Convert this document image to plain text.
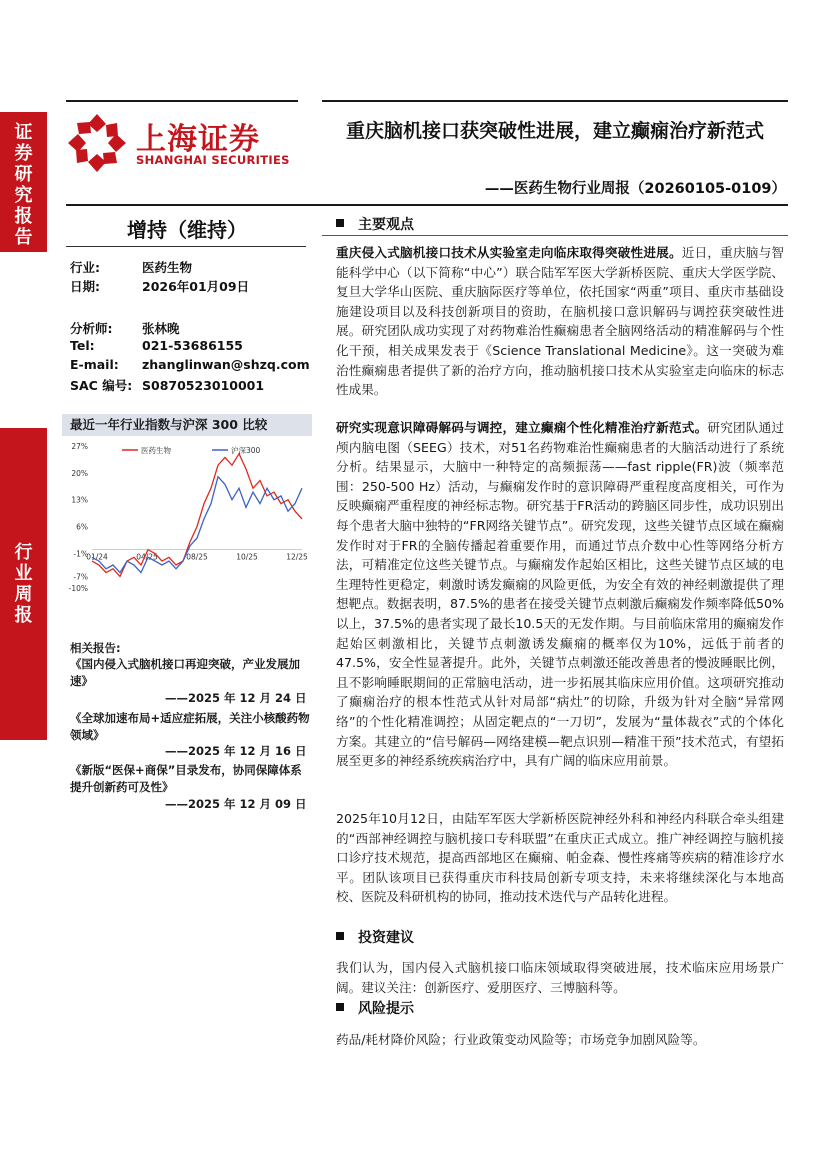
证券研究报告
行业周报
上海证券
SHANGHAI SECURITIES
重庆脑机接口获突破性进展，建立癫痫治疗新范式
——医药生物行业周报（20260105-0109）
增持（维持）
行业:	医药生物
日期:	2026年01月09日
分析师: 张林晚
Tel:	021-53686155
E-mail: zhanglinwan@shzq.com
SAC 编号: S0870523010001
最近一年行业指数与沪深 300 比较
27%
20%
13%
6%
-1%
-7%
-10%
01/24	04/25	08/25	10/25	12/25
医药生物	沪深300
相关报告:
《国内侵入式脑机接口再迎突破，产业发展加速》
——2025 年 12 月 24 日
《全球加速布局+适应症拓展，关注小核酸药物领域》
——2025 年 12 月 16 日
《新版“医保+商保”目录发布，协同保障体系提升创新药可及性》
——2025 年 12 月 09 日
主要观点
重庆侵入式脑机接口技术从实验室走向临床取得突破性进展。近日，重庆脑与智能科学中心（以下简称“中心”）联合陆军军医大学新桥医院、重庆大学医学院、复旦大学华山医院、重庆脑际医疗等单位，依托国家“两重”项目、重庆市基础设施建设项目以及科技创新项目的资助，在脑机接口意识解码与调控获突破性进展。研究团队成功实现了对药物难治性癫痫患者全脑网络活动的精准解码与个性化干预，相关成果发表于《Science Translational Medicine》。这一突破为难治性癫痫患者提供了新的治疗方向，推动脑机接口技术从实验室走向临床的标志性成果。
研究实现意识障碍解码与调控，建立癫痫个性化精准治疗新范式。研究团队通过颅内脑电图（SEEG）技术，对51名药物难治性癫痫患者的大脑活动进行了系统分析。结果显示，大脑中一种特定的高频振荡——fast ripple(FR)波（频率范围：250-500 Hz）活动，与癫痫发作时的意识障碍严重程度高度相关，可作为反映癫痫严重程度的神经标志物。研究基于FR活动的跨脑区同步性，成功识别出每个患者大脑中独特的“FR网络关键节点”。研究发现，这些关键节点区域在癫痫发作时对于FR的全脑传播起着重要作用，而通过节点介数中心性等网络分析方法，可精准定位这些关键节点。与癫痫发作起始区相比，这些关键节点区域的电生理特性更稳定，刺激时诱发癫痫的风险更低，为安全有效的神经刺激提供了理想靶点。数据表明，87.5%的患者在接受关键节点刺激后癫痫发作频率降低50%以上，37.5%的患者实现了最长10.5天的无发作期。与目前临床常用的癫痫发作起始区刺激相比，关键节点刺激诱发癫痫的概率仅为10%，远低于前者的47.5%，安全性显著提升。此外，关键节点刺激还能改善患者的慢波睡眠比例，且不影响睡眠期间的正常脑电活动，进一步拓展其临床应用价值。这项研究推动了癫痫治疗的根本性范式从针对局部“病灶”的切除，升级为针对全脑“异常网络”的个性化精准调控；从固定靶点的“一刀切”，发展为“量体裁衣”式的个体化方案。其建立的“信号解码—网络建模—靶点识别—精准干预”技术范式，有望拓展至更多的神经系统疾病治疗中，具有广阔的临床应用前景。
2025年10月12日，由陆军军医大学新桥医院神经外科和神经内科联合牵头组建的“西部神经调控与脑机接口专科联盟”在重庆正式成立。推广神经调控与脑机接口诊疗技术规范，提高西部地区在癫痫、帕金森、慢性疼痛等疾病的精准诊疗水平。团队该项目已获得重庆市科技局创新专项支持，未来将继续深化与本地高校、医院及科研机构的协同，推动技术迭代与产品转化进程。
投资建议
我们认为，国内侵入式脑机接口临床领域取得突破进展，技术临床应用场景广阔。建议关注：创新医疗、爱朋医疗、三博脑科等。
风险提示
药品/耗材降价风险；行业政策变动风险等；市场竞争加剧风险等。
